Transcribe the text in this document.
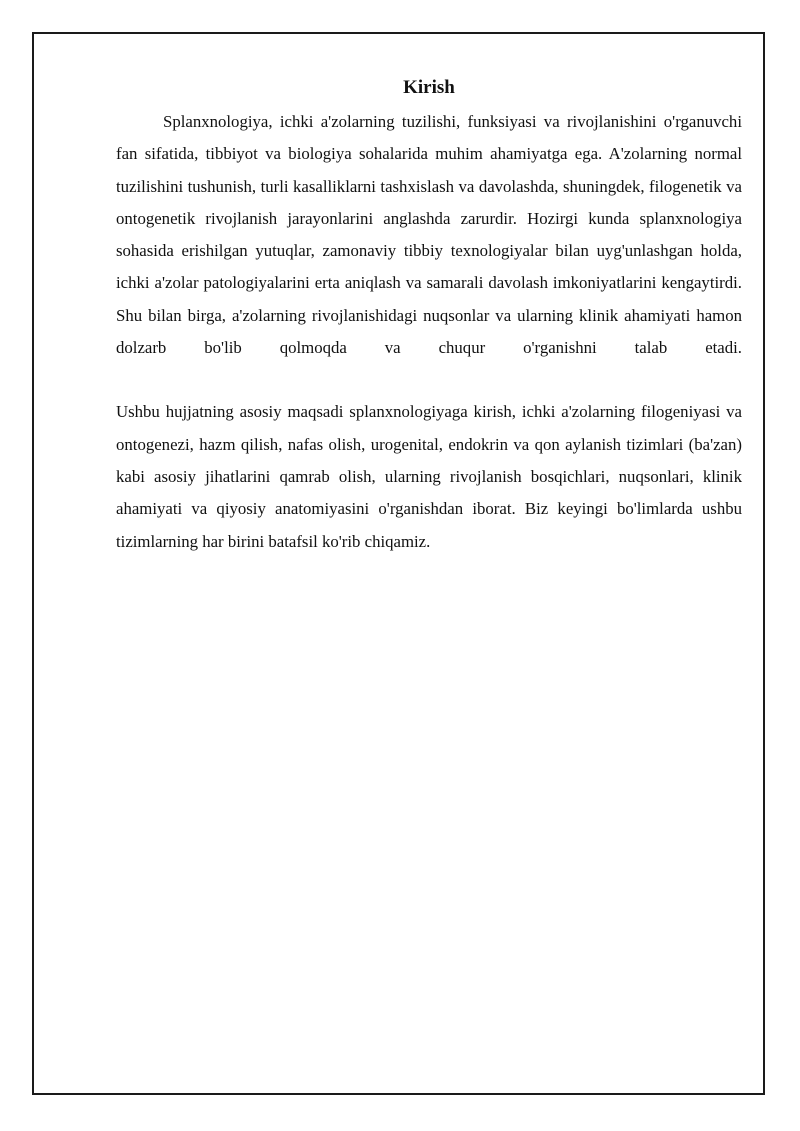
Kirish

Splanxnologiya, ichki a'zolarning tuzilishi, funksiyasi va rivojlanishini o'rganuvchi fan sifatida, tibbiyot va biologiya sohalarida muhim ahamiyatga ega. A'zolarning normal tuzilishini tushunish, turli kasalliklarni tashxislash va davolashda, shuningdek, filogenetik va ontogenetik rivojlanish jarayonlarini anglashda zarurdir. Hozirgi kunda splanxnologiya sohasida erishilgan yutuqlar, zamonaviy tibbiy texnologiyalar bilan uyg'unlashgan holda, ichki a'zolar patologiyalarini erta aniqlash va samarali davolash imkoniyatlarini kengaytirdi. Shu bilan birga, a'zolarning rivojlanishidagi nuqsonlar va ularning klinik ahamiyati hamon dolzarb bo'lib qolmoqda va chuqur o'rganishni talab etadi.

Ushbu hujjatning asosiy maqsadi splanxnologiyaga kirish, ichki a'zolarning filogeniyasi va ontogenezi, hazm qilish, nafas olish, urogenital, endokrin va qon aylanish tizimlari (ba'zan) kabi asosiy jihatlarini qamrab olish, ularning rivojlanish bosqichlari, nuqsonlari, klinik ahamiyati va qiyosiy anatomiyasini o'rganishdan iborat. Biz keyingi bo'limlarda ushbu tizimlarning har birini batafsil ko'rib chiqamiz.
